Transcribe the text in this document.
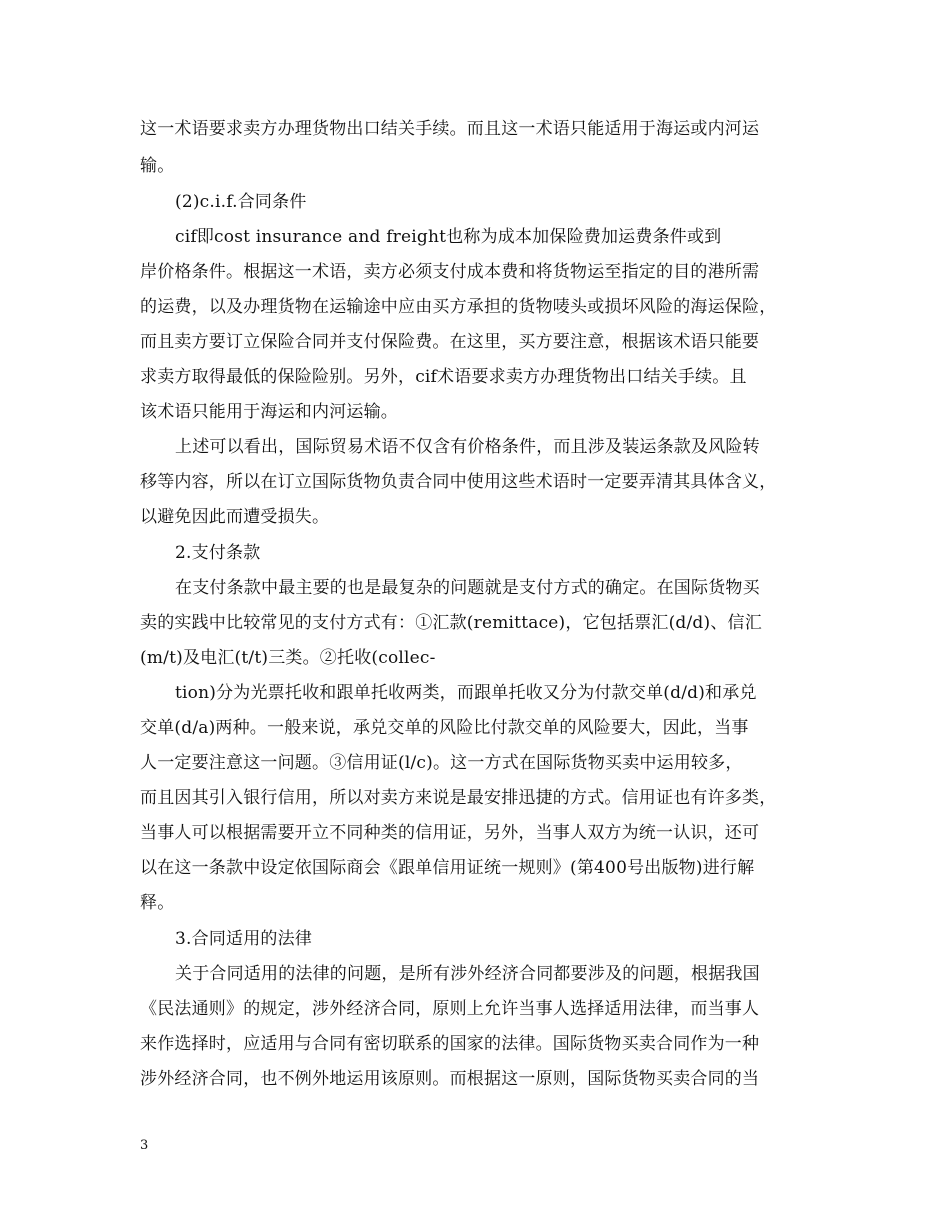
这一术语要求卖方办理货物出口结关手续。而且这一术语只能适用于海运或内河运
输。
(2)c.i.f.合同条件
cif即cost insurance and freight也称为成本加保险费加运费条件或到
岸价格条件。根据这一术语，卖方必须支付成本费和将货物运至指定的目的港所需
的运费，以及办理货物在运输途中应由买方承担的货物唛头或损坏风险的海运保险，
而且卖方要订立保险合同并支付保险费。在这里，买方要注意，根据该术语只能要
求卖方取得最低的保险险别。另外，cif术语要求卖方办理货物出口结关手续。且
该术语只能用于海运和内河运输。
上述可以看出，国际贸易术语不仅含有价格条件，而且涉及装运条款及风险转
移等内容，所以在订立国际货物负责合同中使用这些术语时一定要弄清其具体含义，
以避免因此而遭受损失。
2.支付条款
在支付条款中最主要的也是最复杂的问题就是支付方式的确定。在国际货物买
卖的实践中比较常见的支付方式有：①汇款(remittace)，它包括票汇(d/d)、信汇
(m/t)及电汇(t/t)三类。②托收(collec-
tion)分为光票托收和跟单托收两类，而跟单托收又分为付款交单(d/d)和承兑
交单(d/a)两种。一般来说，承兑交单的风险比付款交单的风险要大，因此，当事
人一定要注意这一问题。③信用证(l/c)。这一方式在国际货物买卖中运用较多，
而且因其引入银行信用，所以对卖方来说是最安排迅捷的方式。信用证也有许多类，
当事人可以根据需要开立不同种类的信用证，另外，当事人双方为统一认识，还可
以在这一条款中设定依国际商会《跟单信用证统一规则》(第400号出版物)进行解
释。
3.合同适用的法律
关于合同适用的法律的问题，是所有涉外经济合同都要涉及的问题，根据我国
《民法通则》的规定，涉外经济合同，原则上允许当事人选择适用法律，而当事人
来作选择时，应适用与合同有密切联系的国家的法律。国际货物买卖合同作为一种
涉外经济合同，也不例外地运用该原则。而根据这一原则，国际货物买卖合同的当
3
